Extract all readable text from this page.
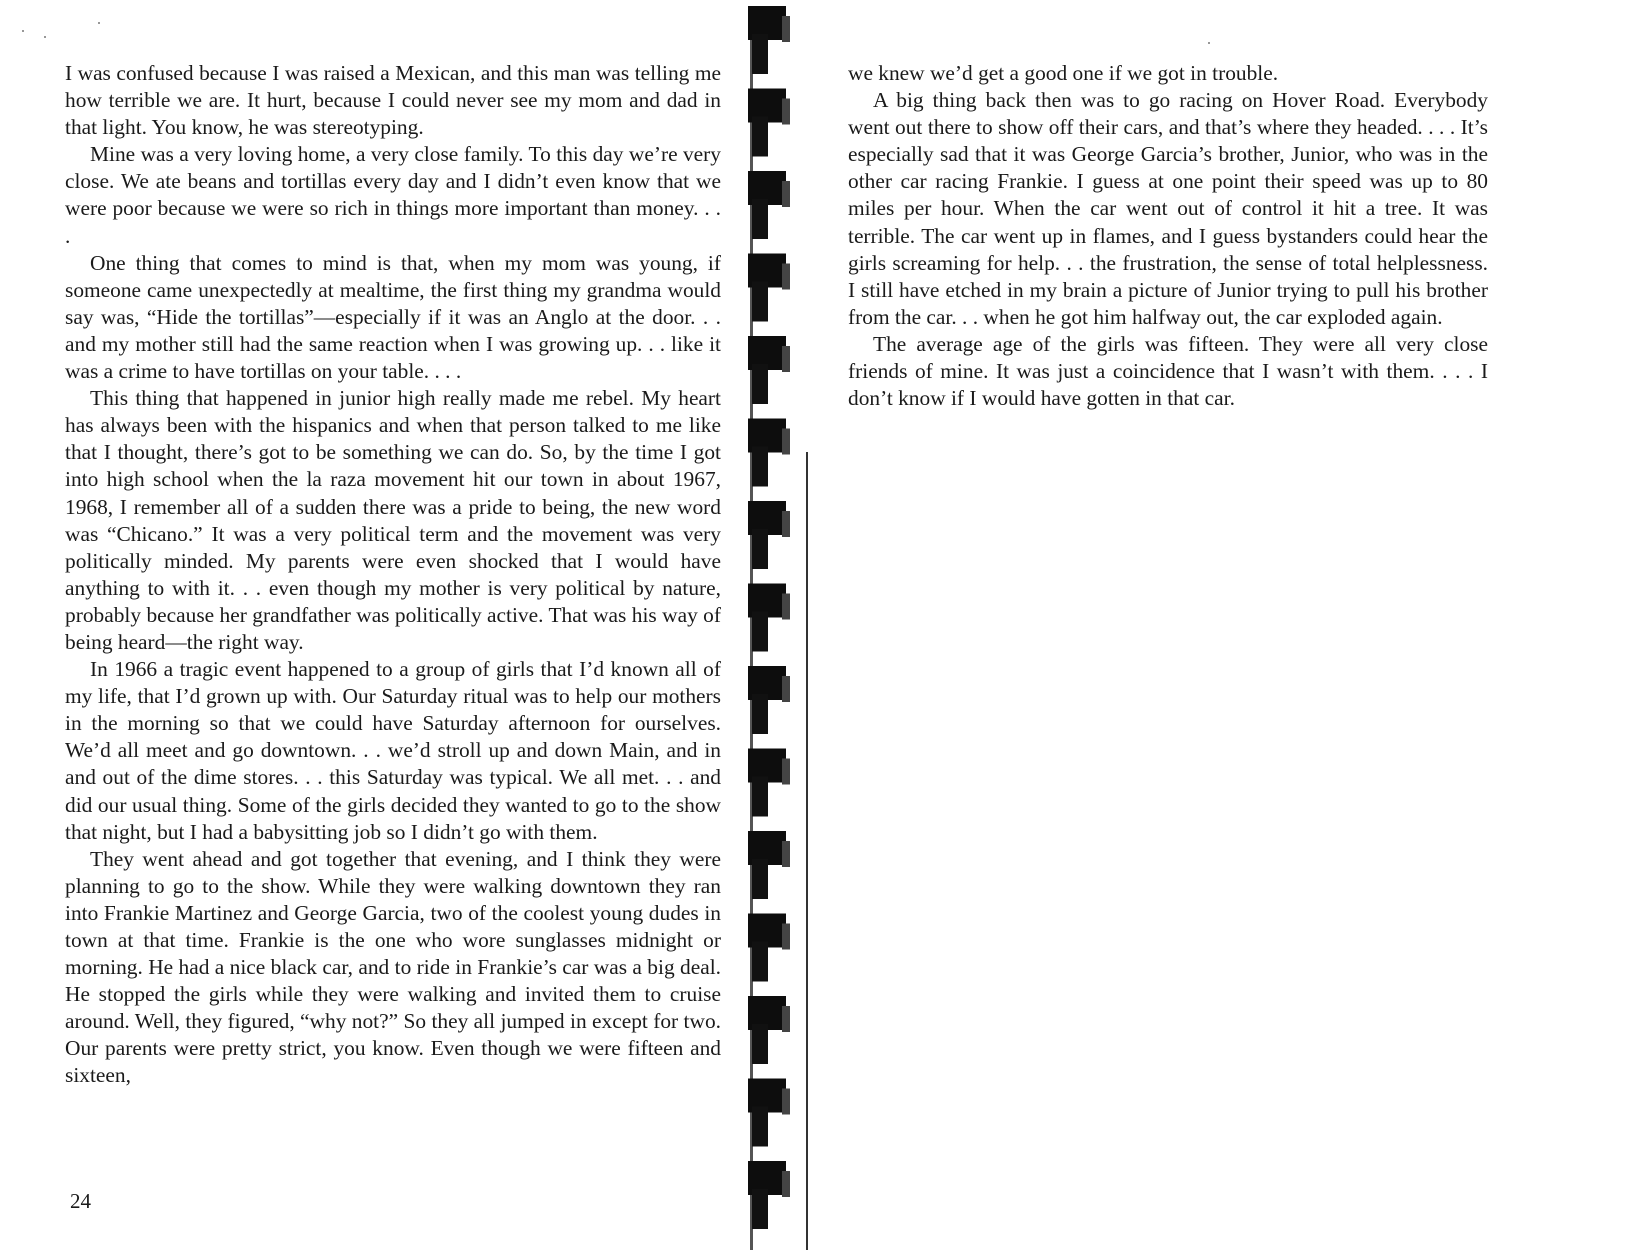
I was confused because I was raised a Mexican, and this man was telling me how terrible we are. It hurt, because I could never see my mom and dad in that light. You know, he was stereotyping.

Mine was a very loving home, a very close family. To this day we’re very close. We ate beans and tortillas every day and I didn’t even know that we were poor because we were so rich in things more important than money. . . .

One thing that comes to mind is that, when my mom was young, if someone came unexpectedly at mealtime, the first thing my grandma would say was, “Hide the tortillas”—especially if it was an Anglo at the door. . . and my mother still had the same reaction when I was growing up. . . like it was a crime to have tortillas on your table. . . .

This thing that happened in junior high really made me rebel. My heart has always been with the hispanics and when that person talked to me like that I thought, there’s got to be something we can do. So, by the time I got into high school when the la raza movement hit our town in about 1967, 1968, I remember all of a sudden there was a pride to being, the new word was “Chicano.” It was a very political term and the movement was very politically minded. My parents were even shocked that I would have anything to with it. . . even though my mother is very political by nature, probably because her grandfather was politically active. That was his way of being heard—the right way.

In 1966 a tragic event happened to a group of girls that I’d known all of my life, that I’d grown up with. Our Saturday ritual was to help our mothers in the morning so that we could have Saturday afternoon for ourselves. We’d all meet and go downtown. . . we’d stroll up and down Main, and in and out of the dime stores. . . this Saturday was typical. We all met. . . and did our usual thing. Some of the girls decided they wanted to go to the show that night, but I had a babysitting job so I didn’t go with them.

They went ahead and got together that evening, and I think they were planning to go to the show. While they were walking downtown they ran into Frankie Martinez and George Garcia, two of the coolest young dudes in town at that time. Frankie is the one who wore sunglasses midnight or morning. He had a nice black car, and to ride in Frankie’s car was a big deal. He stopped the girls while they were walking and invited them to cruise around. Well, they figured, “why not?” So they all jumped in except for two. Our parents were pretty strict, you know. Even though we were fifteen and sixteen,

24

we knew we’d get a good one if we got in trouble.

A big thing back then was to go racing on Hover Road. Everybody went out there to show off their cars, and that’s where they headed. . . . It’s especially sad that it was George Garcia’s brother, Junior, who was in the other car racing Frankie. I guess at one point their speed was up to 80 miles per hour. When the car went out of control it hit a tree. It was terrible. The car went up in flames, and I guess bystanders could hear the girls screaming for help. . . the frustration, the sense of total helplessness. I still have etched in my brain a picture of Junior trying to pull his brother from the car. . . when he got him halfway out, the car exploded again.

The average age of the girls was fifteen. They were all very close friends of mine. It was just a coincidence that I wasn’t with them. . . . I don’t know if I would have gotten in that car.
